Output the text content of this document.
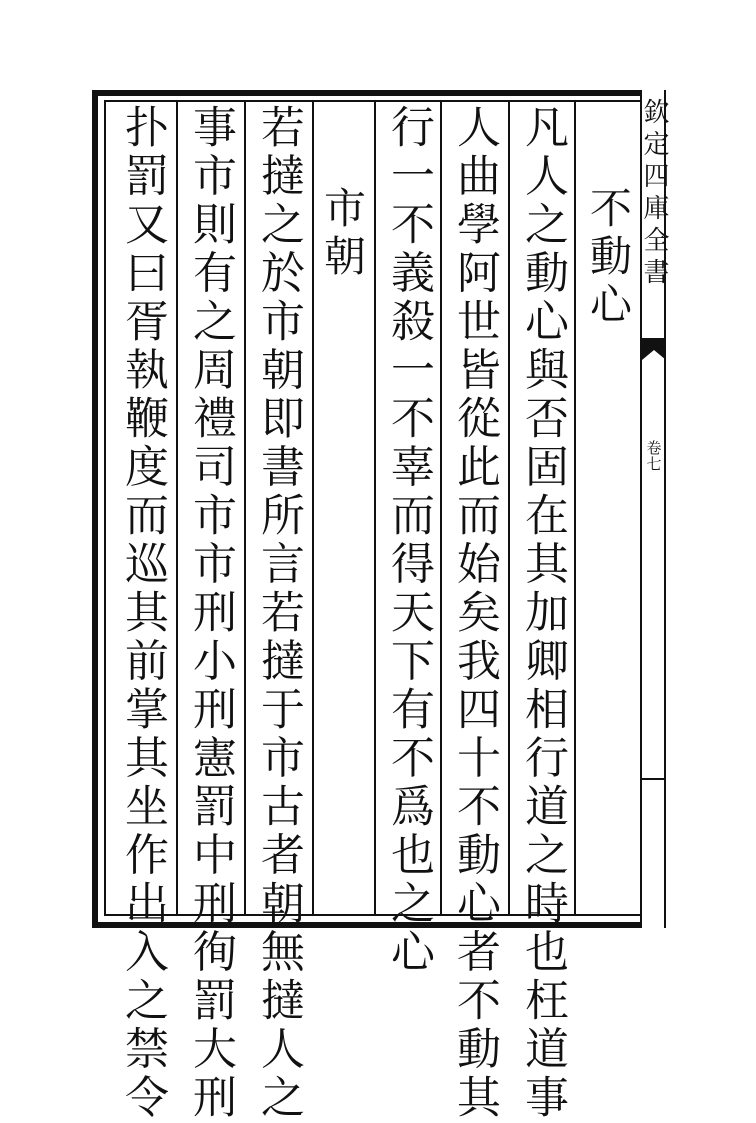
欽定四庫全書
卷七
不動心
凡人之動心與否固在其加卿相行道之時也枉道事
人曲學阿世皆從此而始矣我四十不動心者不動其
行一不義殺一不辜而得天下有不爲也之心
市朝
若撻之於市朝即書所言若撻于市古者朝無撻人之
事市則有之周禮司市市刑小刑憲罰中刑徇罰大刑
扑罰又曰胥執鞭度而巡其前掌其坐作出入之禁令
